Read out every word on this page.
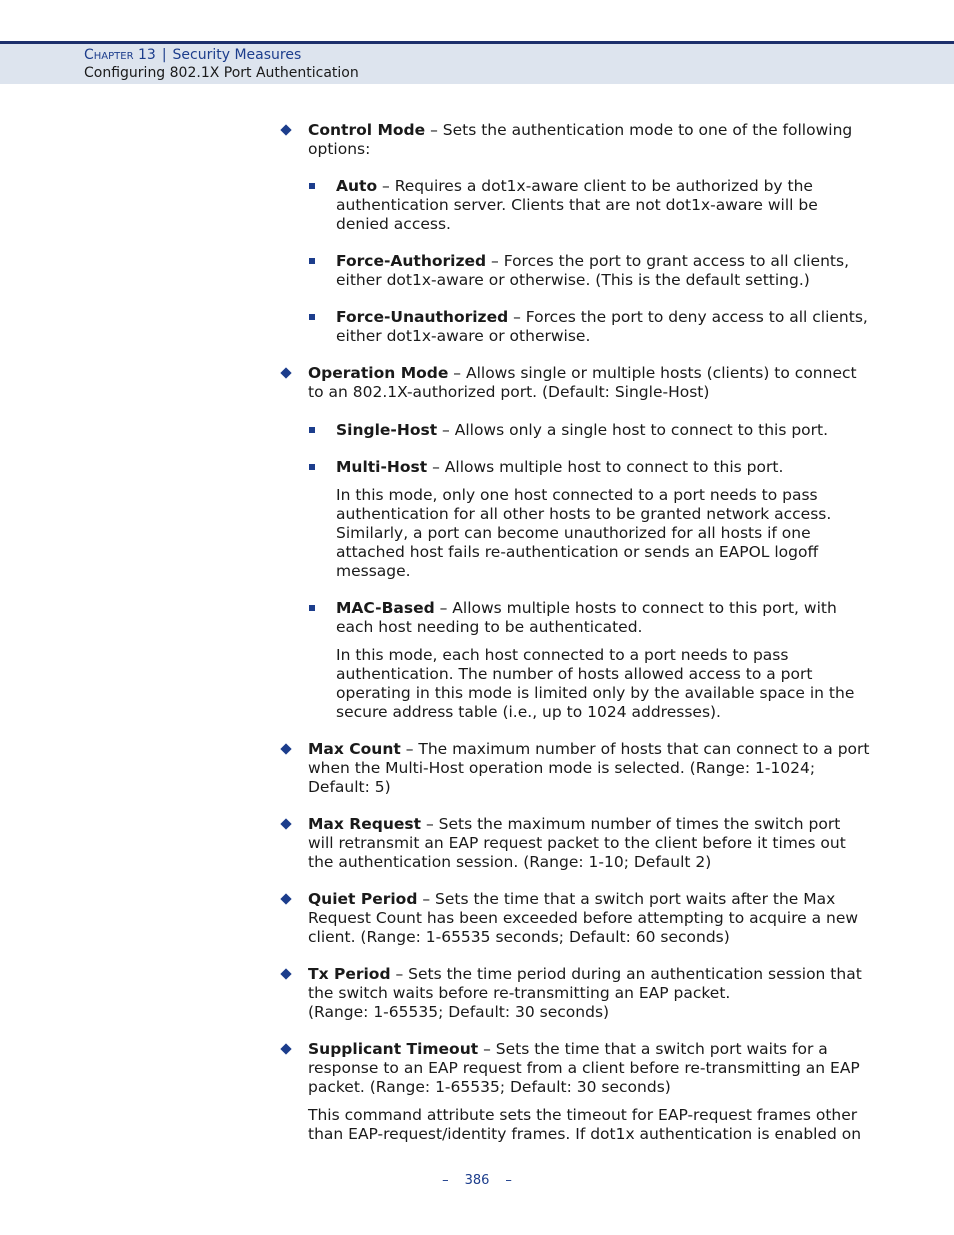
Chapter 13 | Security Measures
Configuring 802.1X Port Authentication

Control Mode – Sets the authentication mode to one of the following options:

Auto – Requires a dot1x-aware client to be authorized by the authentication server. Clients that are not dot1x-aware will be denied access.

Force-Authorized – Forces the port to grant access to all clients, either dot1x-aware or otherwise. (This is the default setting.)

Force-Unauthorized – Forces the port to deny access to all clients, either dot1x-aware or otherwise.

Operation Mode – Allows single or multiple hosts (clients) to connect to an 802.1X-authorized port. (Default: Single-Host)

Single-Host – Allows only a single host to connect to this port.

Multi-Host – Allows multiple host to connect to this port.

In this mode, only one host connected to a port needs to pass authentication for all other hosts to be granted network access. Similarly, a port can become unauthorized for all hosts if one attached host fails re-authentication or sends an EAPOL logoff message.

MAC-Based – Allows multiple hosts to connect to this port, with each host needing to be authenticated.

In this mode, each host connected to a port needs to pass authentication. The number of hosts allowed access to a port operating in this mode is limited only by the available space in the secure address table (i.e., up to 1024 addresses).

Max Count – The maximum number of hosts that can connect to a port when the Multi-Host operation mode is selected. (Range: 1-1024; Default: 5)

Max Request – Sets the maximum number of times the switch port will retransmit an EAP request packet to the client before it times out the authentication session. (Range: 1-10; Default 2)

Quiet Period – Sets the time that a switch port waits after the Max Request Count has been exceeded before attempting to acquire a new client. (Range: 1-65535 seconds; Default: 60 seconds)

Tx Period – Sets the time period during an authentication session that the switch waits before re-transmitting an EAP packet.
(Range: 1-65535; Default: 30 seconds)

Supplicant Timeout – Sets the time that a switch port waits for a response to an EAP request from a client before re-transmitting an EAP packet. (Range: 1-65535; Default: 30 seconds)

This command attribute sets the timeout for EAP-request frames other than EAP-request/identity frames. If dot1x authentication is enabled on

– 386 –
